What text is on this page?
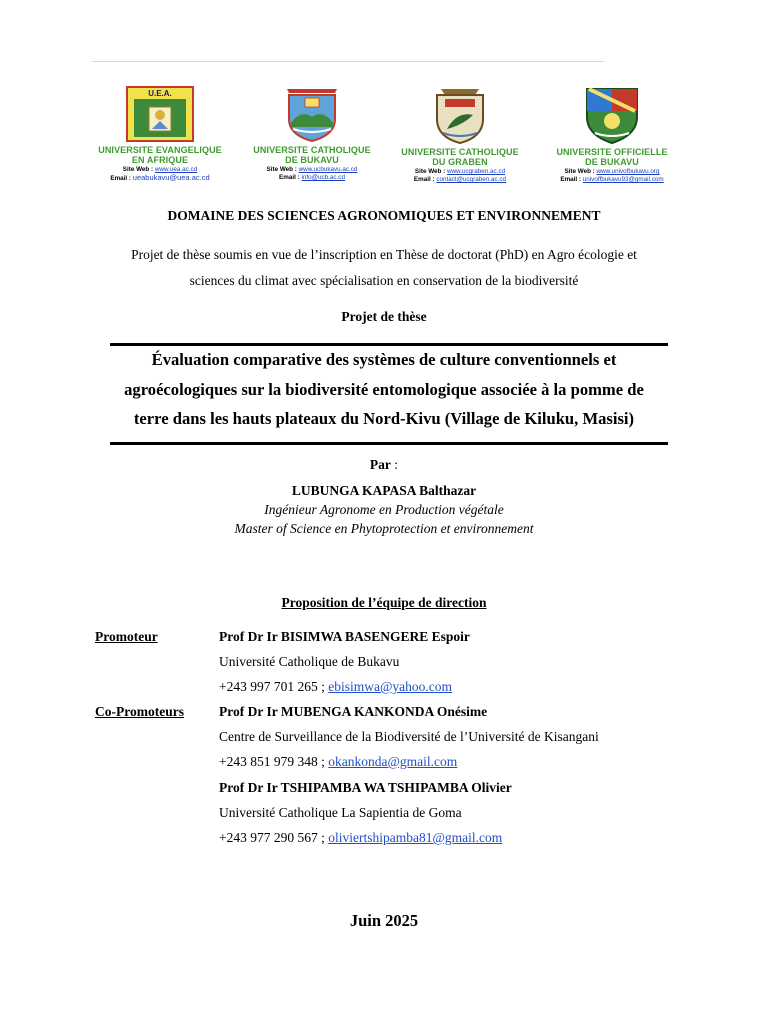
U.E.A.
UNIVERSITE EVANGELIQUE
EN AFRIQUE
Site Web : www.uea.ac.cd
Email : ueabukavu@uea.ac.cd
UNIVERSITE CATHOLIQUE
DE BUKAVU
Site Web : www.ucbukavu.ac.cd
Email : info@ucb.ac.cd
UNIVERSITE CATHOLIQUE
DU GRABEN
Site Web : www.ucgraben.ac.cd
Email : contact@ucgraben.ac.cd
UNIVERSITE OFFICIELLE
DE BUKAVU
Site Web : www.univofbukavu.org
Email : univoffbukavu93@gmail.com
DOMAINE DES SCIENCES AGRONOMIQUES ET ENVIRONNEMENT
Projet de thèse soumis en vue de l’inscription en Thèse de doctorat (PhD) en Agro écologie et
sciences du climat avec spécialisation en conservation de la biodiversité
Projet de thèse
Évaluation comparative des systèmes de culture conventionnels et
agroécologiques sur la biodiversité entomologique associée à la pomme de
terre dans les hauts plateaux du Nord-Kivu (Village de Kiluku, Masisi)
Par :
LUBUNGA KAPASA Balthazar
Ingénieur Agronome en Production végétale
Master of Science en Phytoprotection et environnement
Proposition de l’équipe de direction
Promoteur	Prof Dr Ir BISIMWA BASENGERE Espoir
Université Catholique de Bukavu
+243 997 701 265 ; ebisimwa@yahoo.com
Co-Promoteurs	Prof Dr Ir MUBENGA KANKONDA Onésime
Centre de Surveillance de la Biodiversité de l’Université de Kisangani
+243 851 979 348 ; okankonda@gmail.com
Prof Dr Ir TSHIPAMBA WA TSHIPAMBA Olivier
Université Catholique La Sapientia de Goma
+243 977 290 567 ; oliviertshipamba81@gmail.com
Juin 2025
